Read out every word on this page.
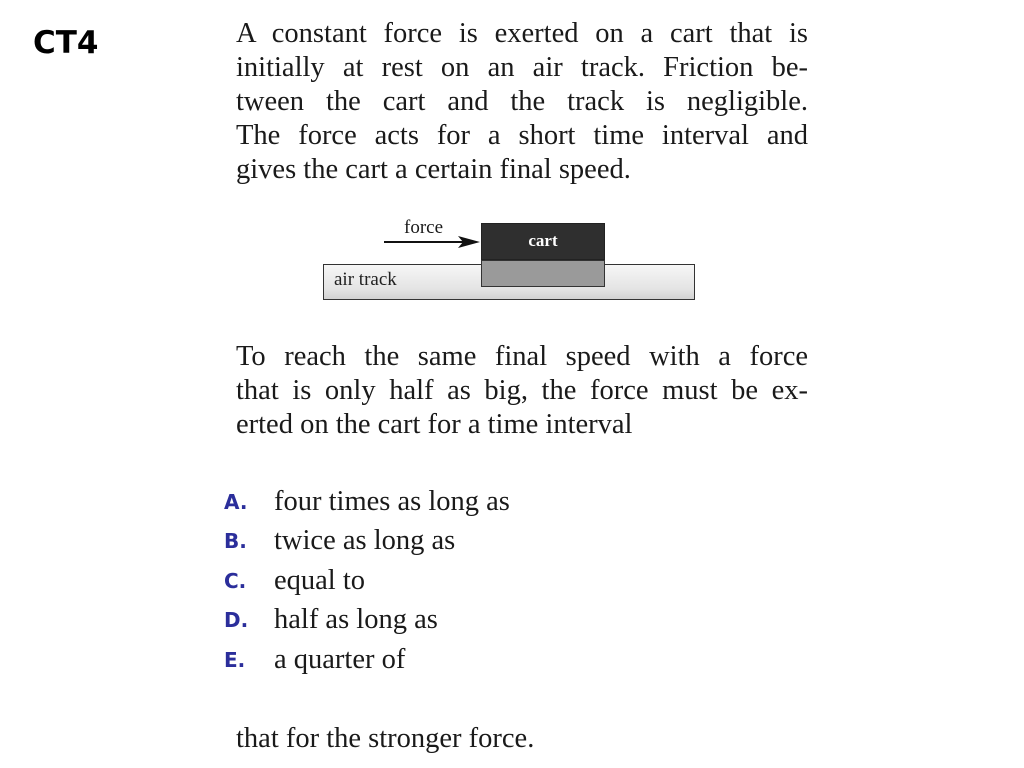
CT4	A constant force is exerted on a cart that is
initially at rest on an air track. Friction be-
tween the cart and the track is negligible.
The force acts for a short time interval and
gives the cart a certain final speed.
air track
cart
force
To reach the same final speed with a force
that is only half as big, the force must be ex-
erted on the cart for a time interval
A. four times as long as
B. twice as long as
C. equal to
D. half as long as
E.	a quarter of
that for the stronger force.
